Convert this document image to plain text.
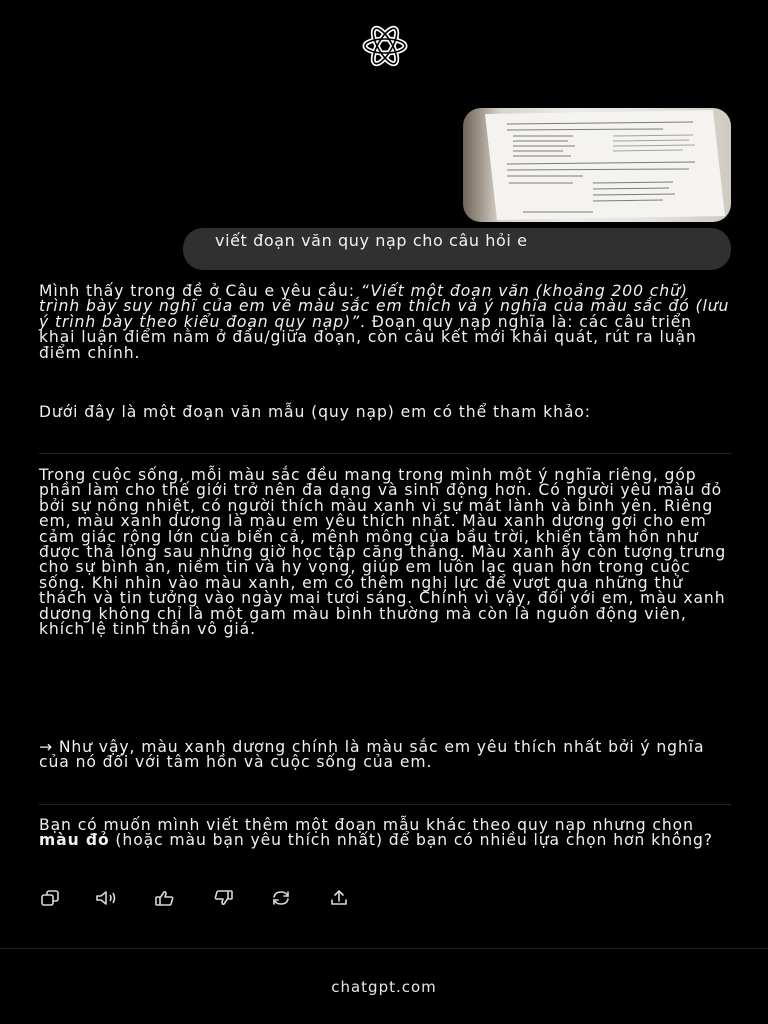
viết đoạn văn quy nạp cho câu hỏi e

Mình thấy trong đề ở Câu e yêu cầu: “Viết một đoạn văn (khoảng 200 chữ) trình bày suy nghĩ của em về màu sắc em thích và ý nghĩa của màu sắc đó (lưu ý trình bày theo kiểu đoạn quy nạp)”. Đoạn quy nạp nghĩa là: các câu triển khai luận điểm nằm ở đầu/giữa đoạn, còn câu kết mới khái quát, rút ra luận điểm chính.

Dưới đây là một đoạn văn mẫu (quy nạp) em có thể tham khảo:

Trong cuộc sống, mỗi màu sắc đều mang trong mình một ý nghĩa riêng, góp phần làm cho thế giới trở nên đa dạng và sinh động hơn. Có người yêu màu đỏ bởi sự nồng nhiệt, có người thích màu xanh vì sự mát lành và bình yên. Riêng em, màu xanh dương là màu em yêu thích nhất. Màu xanh dương gợi cho em cảm giác rộng lớn của biển cả, mênh mông của bầu trời, khiến tâm hồn như được thả lỏng sau những giờ học tập căng thẳng. Màu xanh ấy còn tượng trưng cho sự bình an, niềm tin và hy vọng, giúp em luôn lạc quan hơn trong cuộc sống. Khi nhìn vào màu xanh, em có thêm nghị lực để vượt qua những thử thách và tin tưởng vào ngày mai tươi sáng. Chính vì vậy, đối với em, màu xanh dương không chỉ là một gam màu bình thường mà còn là nguồn động viên, khích lệ tinh thần vô giá.

→ Như vậy, màu xanh dương chính là màu sắc em yêu thích nhất bởi ý nghĩa của nó đối với tâm hồn và cuộc sống của em.

Bạn có muốn mình viết thêm một đoạn mẫu khác theo quy nạp nhưng chọn màu đỏ (hoặc màu bạn yêu thích nhất) để bạn có nhiều lựa chọn hơn không?

chatgpt.com
